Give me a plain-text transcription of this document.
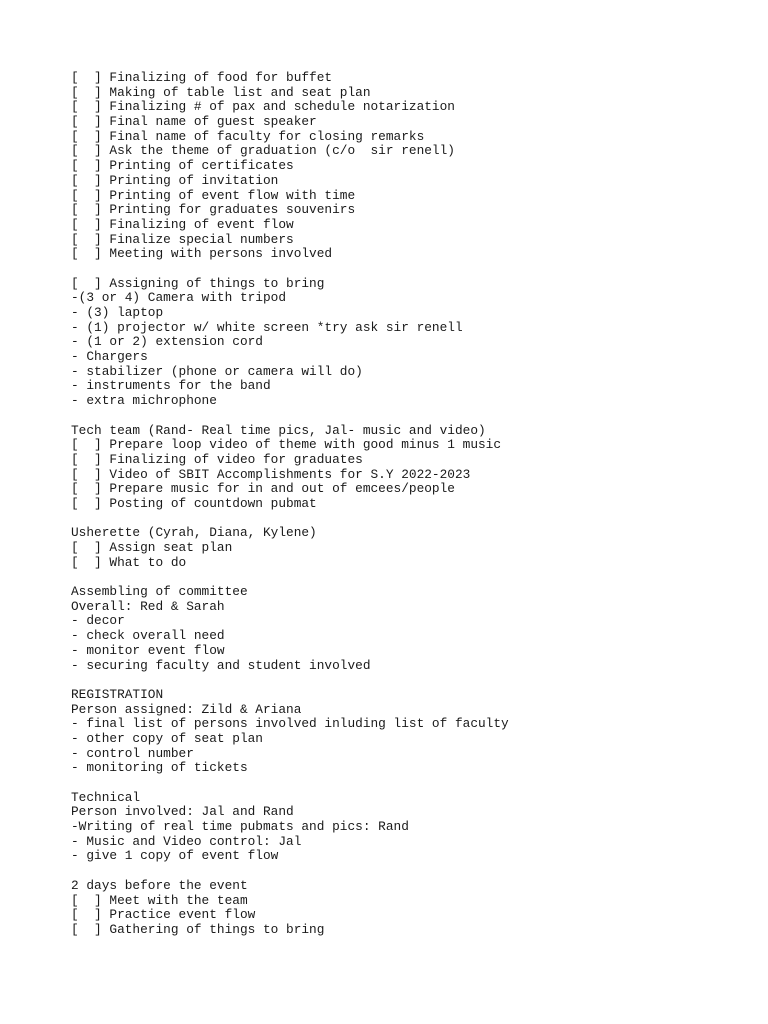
[  ] Finalizing of food for buffet
[  ] Making of table list and seat plan
[  ] Finalizing # of pax and schedule notarization
[  ] Final name of guest speaker
[  ] Final name of faculty for closing remarks
[  ] Ask the theme of graduation (c/o  sir renell)
[  ] Printing of certificates
[  ] Printing of invitation
[  ] Printing of event flow with time
[  ] Printing for graduates souvenirs
[  ] Finalizing of event flow
[  ] Finalize special numbers
[  ] Meeting with persons involved
[  ] Assigning of things to bring
-(3 or 4) Camera with tripod
- (3) laptop
- (1) projector w/ white screen *try ask sir renell
- (1 or 2) extension cord
- Chargers
- stabilizer (phone or camera will do)
- instruments for the band
- extra michrophone
Tech team (Rand- Real time pics, Jal- music and video)
[  ] Prepare loop video of theme with good minus 1 music
[  ] Finalizing of video for graduates
[  ] Video of SBIT Accomplishments for S.Y 2022-2023
[  ] Prepare music for in and out of emcees/people
[  ] Posting of countdown pubmat
Usherette (Cyrah, Diana, Kylene)
[  ] Assign seat plan
[  ] What to do
Assembling of committee
Overall: Red & Sarah
- decor
- check overall need
- monitor event flow
- securing faculty and student involved
REGISTRATION
Person assigned: Zild & Ariana
- final list of persons involved inluding list of faculty
- other copy of seat plan
- control number
- monitoring of tickets
Technical
Person involved: Jal and Rand
-Writing of real time pubmats and pics: Rand
- Music and Video control: Jal
- give 1 copy of event flow
2 days before the event
[  ] Meet with the team
[  ] Practice event flow
[  ] Gathering of things to bring
